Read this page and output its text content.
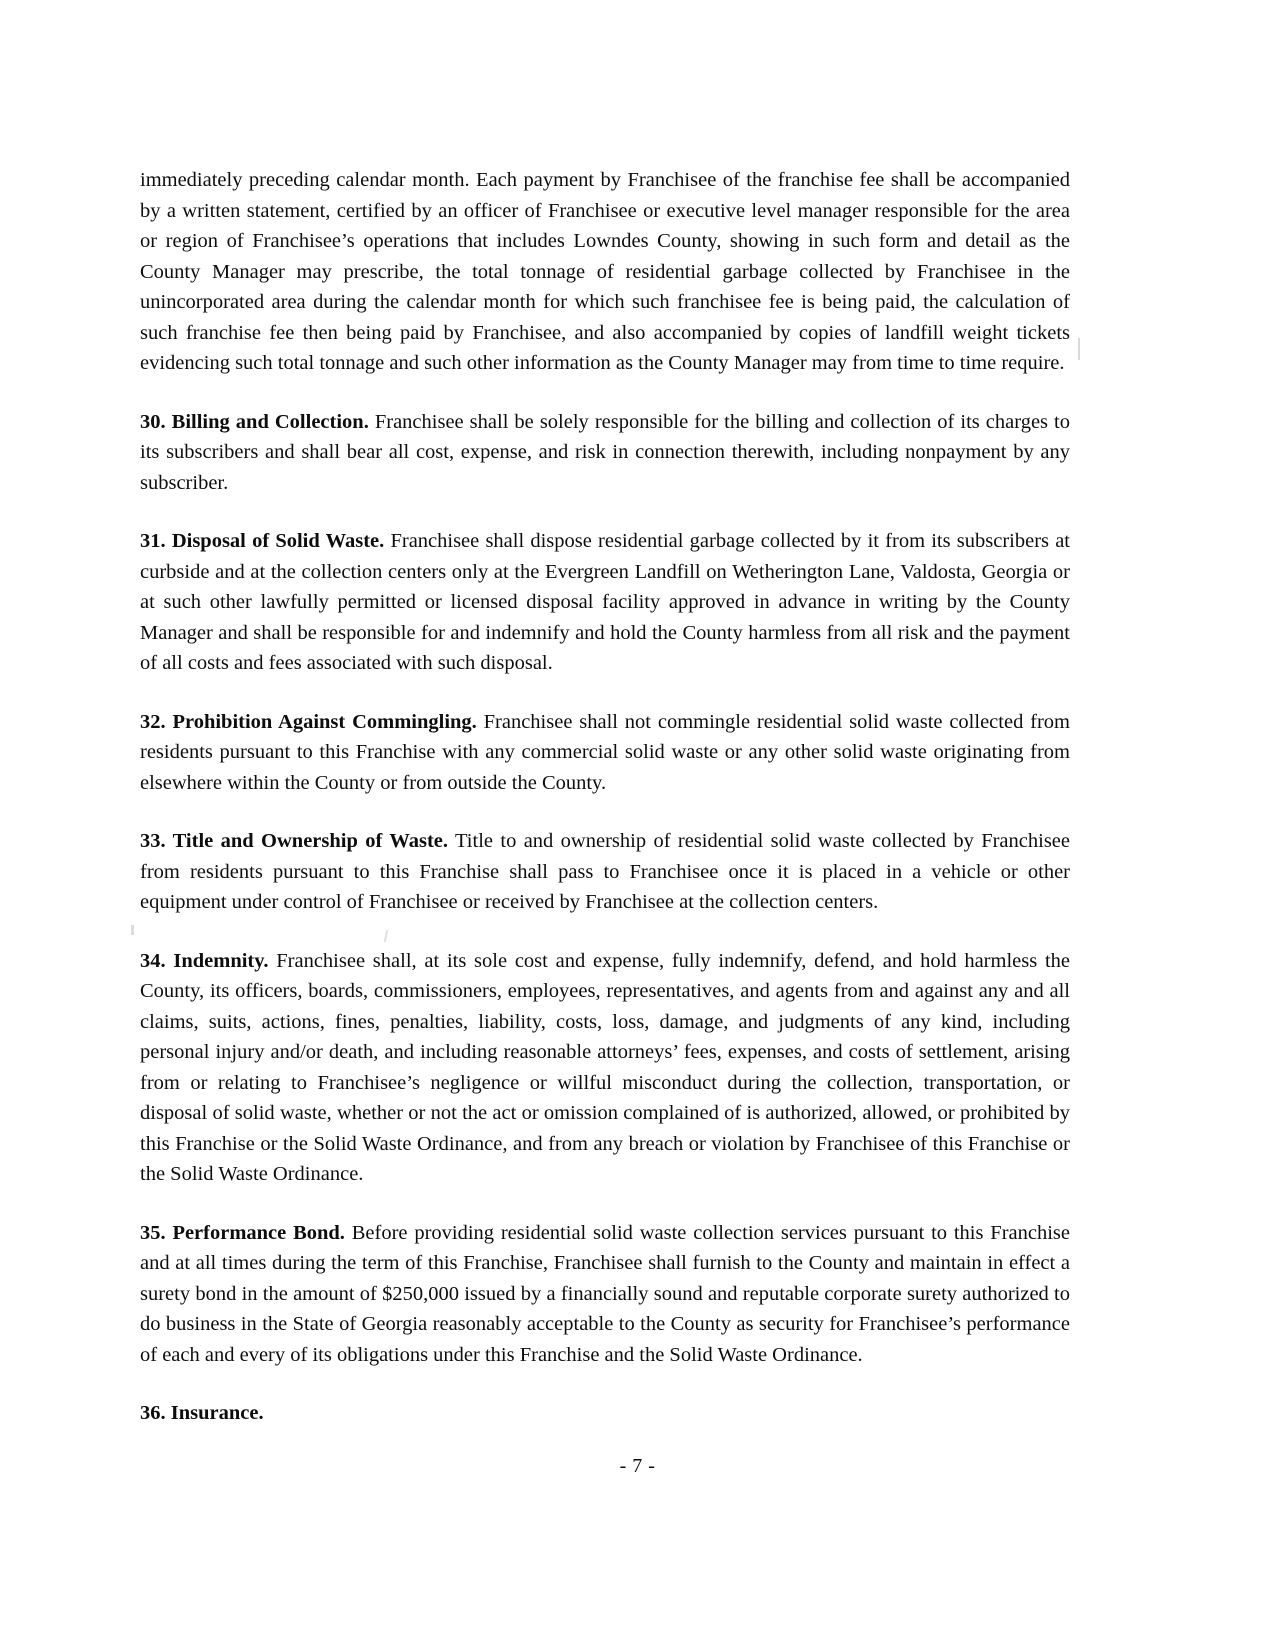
immediately preceding calendar month. Each payment by Franchisee of the franchise fee shall be accompanied by a written statement, certified by an officer of Franchisee or executive level manager responsible for the area or region of Franchisee’s operations that includes Lowndes County, showing in such form and detail as the County Manager may prescribe, the total tonnage of residential garbage collected by Franchisee in the unincorporated area during the calendar month for which such franchisee fee is being paid, the calculation of such franchise fee then being paid by Franchisee, and also accompanied by copies of landfill weight tickets evidencing such total tonnage and such other information as the County Manager may from time to time require.

30. Billing and Collection. Franchisee shall be solely responsible for the billing and collection of its charges to its subscribers and shall bear all cost, expense, and risk in connection therewith, including nonpayment by any subscriber.

31. Disposal of Solid Waste. Franchisee shall dispose residential garbage collected by it from its subscribers at curbside and at the collection centers only at the Evergreen Landfill on Wetherington Lane, Valdosta, Georgia or at such other lawfully permitted or licensed disposal facility approved in advance in writing by the County Manager and shall be responsible for and indemnify and hold the County harmless from all risk and the payment of all costs and fees associated with such disposal.

32. Prohibition Against Commingling. Franchisee shall not commingle residential solid waste collected from residents pursuant to this Franchise with any commercial solid waste or any other solid waste originating from elsewhere within the County or from outside the County.

33. Title and Ownership of Waste. Title to and ownership of residential solid waste collected by Franchisee from residents pursuant to this Franchise shall pass to Franchisee once it is placed in a vehicle or other equipment under control of Franchisee or received by Franchisee at the collection centers.

34. Indemnity. Franchisee shall, at its sole cost and expense, fully indemnify, defend, and hold harmless the County, its officers, boards, commissioners, employees, representatives, and agents from and against any and all claims, suits, actions, fines, penalties, liability, costs, loss, damage, and judgments of any kind, including personal injury and/or death, and including reasonable attorneys’ fees, expenses, and costs of settlement, arising from or relating to Franchisee’s negligence or willful misconduct during the collection, transportation, or disposal of solid waste, whether or not the act or omission complained of is authorized, allowed, or prohibited by this Franchise or the Solid Waste Ordinance, and from any breach or violation by Franchisee of this Franchise or the Solid Waste Ordinance.

35. Performance Bond. Before providing residential solid waste collection services pursuant to this Franchise and at all times during the term of this Franchise, Franchisee shall furnish to the County and maintain in effect a surety bond in the amount of $250,000 issued by a financially sound and reputable corporate surety authorized to do business in the State of Georgia reasonably acceptable to the County as security for Franchisee’s performance of each and every of its obligations under this Franchise and the Solid Waste Ordinance.

36. Insurance.

- 7 -
